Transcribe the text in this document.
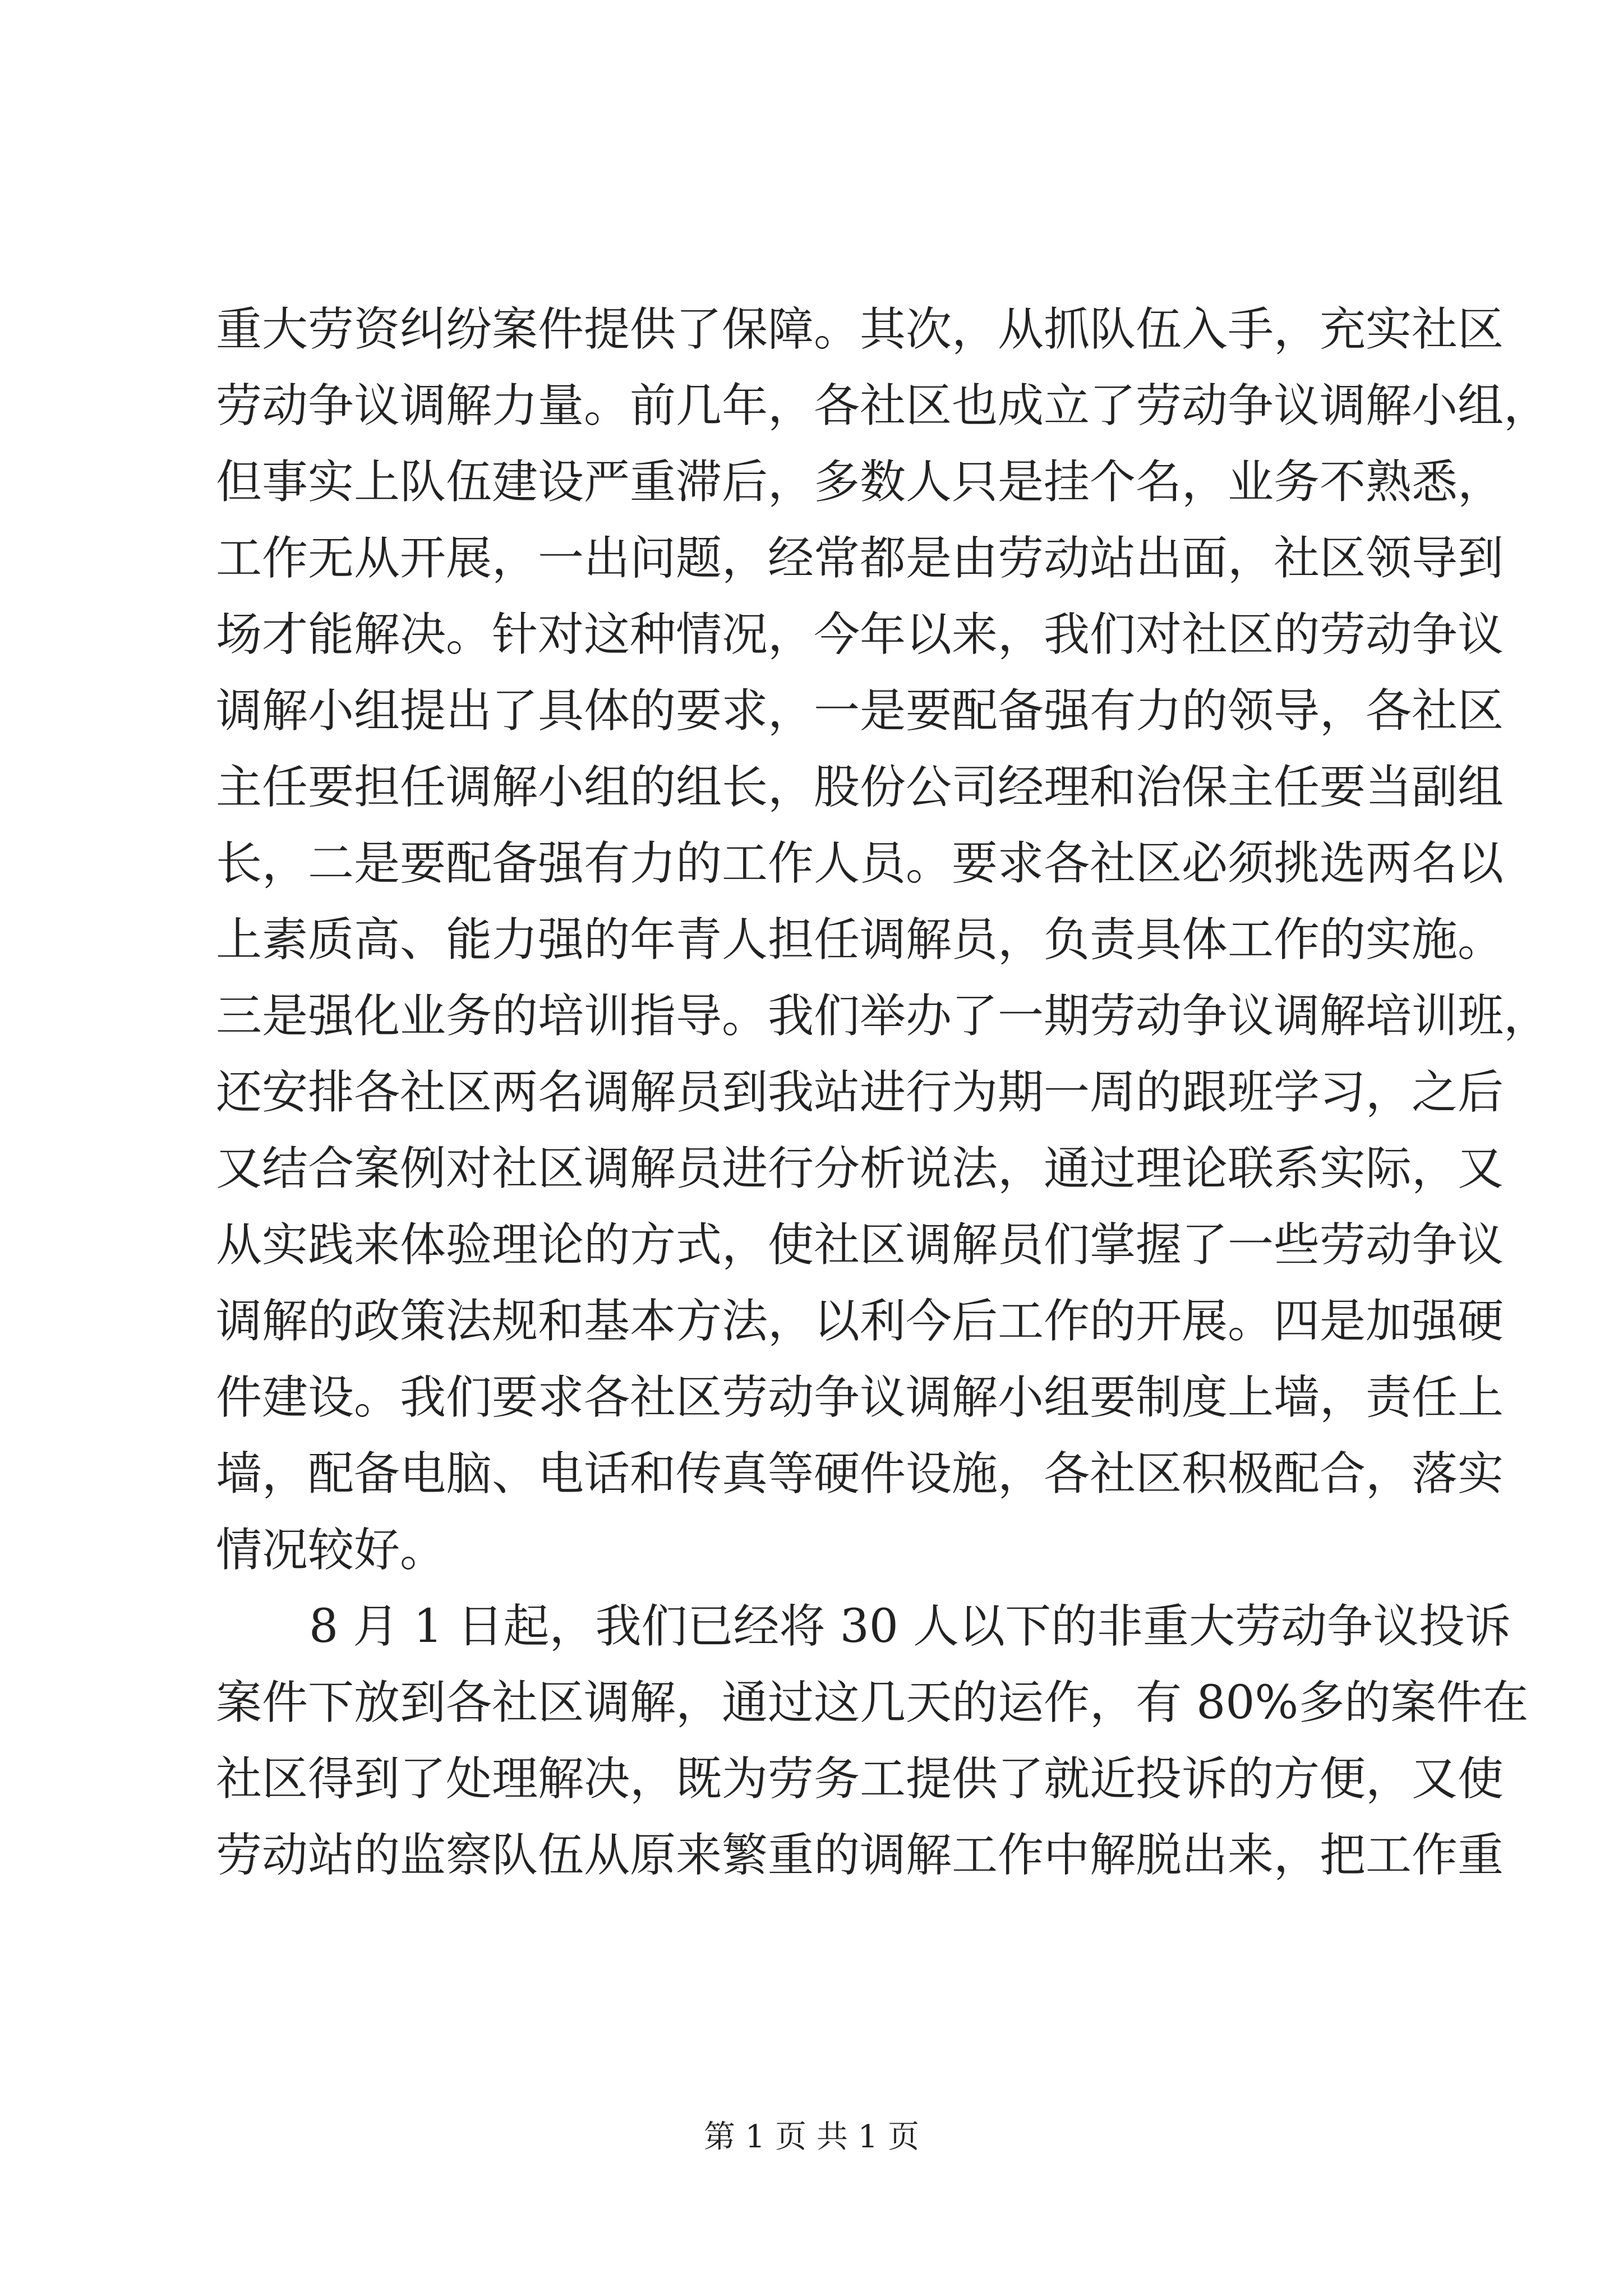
重大劳资纠纷案件提供了保障。其次，从抓队伍入手，充实社区
劳动争议调解力量。前几年，各社区也成立了劳动争议调解小组，
但事实上队伍建设严重滞后，多数人只是挂个名，业务不熟悉，
工作无从开展，一出问题，经常都是由劳动站出面，社区领导到
场才能解决。针对这种情况，今年以来，我们对社区的劳动争议
调解小组提出了具体的要求，一是要配备强有力的领导，各社区
主任要担任调解小组的组长，股份公司经理和治保主任要当副组
长，二是要配备强有力的工作人员。要求各社区必须挑选两名以
上素质高、能力强的年青人担任调解员，负责具体工作的实施。
三是强化业务的培训指导。我们举办了一期劳动争议调解培训班，
还安排各社区两名调解员到我站进行为期一周的跟班学习，之后
又结合案例对社区调解员进行分析说法，通过理论联系实际，又
从实践来体验理论的方式，使社区调解员们掌握了一些劳动争议
调解的政策法规和基本方法，以利今后工作的开展。四是加强硬
件建设。我们要求各社区劳动争议调解小组要制度上墙，责任上
墙，配备电脑、电话和传真等硬件设施，各社区积极配合，落实
情况较好。
8 月 1 日起，我们已经将 30 人以下的非重大劳动争议投诉
案件下放到各社区调解，通过这几天的运作，有 80%多的案件在
社区得到了处理解决，既为劳务工提供了就近投诉的方便，又使
劳动站的监察队伍从原来繁重的调解工作中解脱出来，把工作重
第 1 页 共 1 页
